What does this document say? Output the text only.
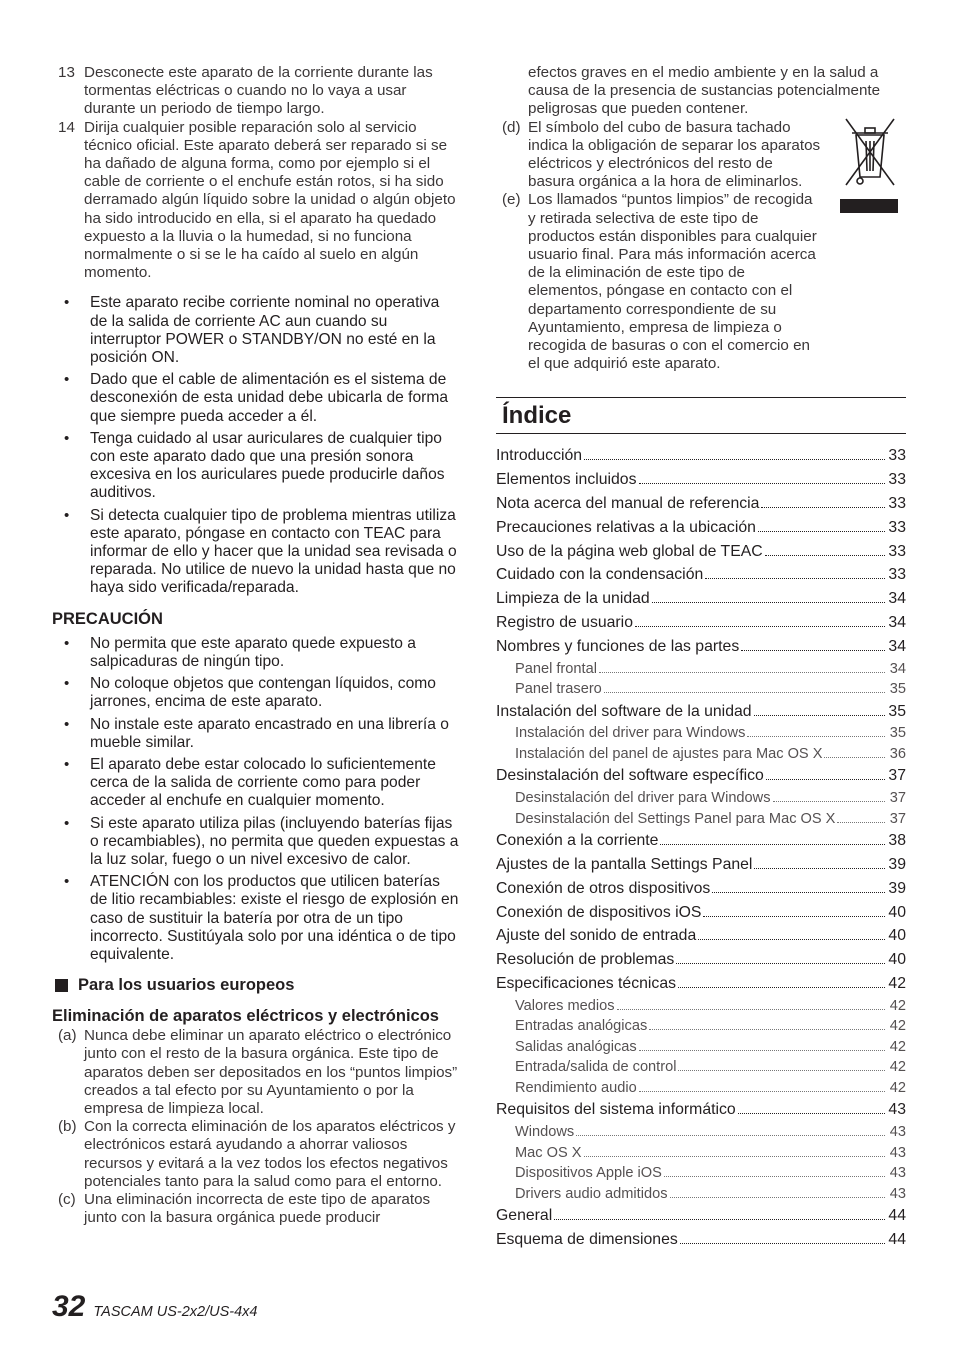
13 Desconecte este aparato de la corriente durante las tormentas eléctricas o cuando no lo vaya a usar durante un periodo de tiempo largo.
14 Dirija cualquier posible reparación solo al servicio técnico oficial. Este aparato deberá ser reparado si se ha dañado de alguna forma, como por ejemplo si el cable de corriente o el enchufe están rotos, si ha sido derramado algún líquido sobre la unidad o algún objeto ha sido introducido en ella, si el aparato ha quedado expuesto a la lluvia o la humedad, si no funciona normalmente o si se le ha caído al suelo en algún momento.
• Este aparato recibe corriente nominal no operativa de la salida de corriente AC aun cuando su interruptor POWER o STANDBY/ON no esté en la posición ON.
• Dado que el cable de alimentación es el sistema de desconexión de esta unidad debe ubicarla de forma que siempre pueda acceder a él.
• Tenga cuidado al usar auriculares de cualquier tipo con este aparato dado que una presión sonora excesiva en los auriculares puede producirle daños auditivos.
• Si detecta cualquier tipo de problema mientras utiliza este aparato, póngase en contacto con TEAC para informar de ello y hacer que la unidad sea revisada o reparada. No utilice de nuevo la unidad hasta que no haya sido verificada/reparada.
PRECAUCIÓN
• No permita que este aparato quede expuesto a salpicaduras de ningún tipo.
• No coloque objetos que contengan líquidos, como jarrones, encima de este aparato.
• No instale este aparato encastrado en una librería o mueble similar.
• El aparato debe estar colocado lo suficientemente cerca de la salida de corriente como para poder acceder al enchufe en cualquier momento.
• Si este aparato utiliza pilas (incluyendo baterías fijas o recambiables), no permita que queden expuestas a la luz solar, fuego o un nivel excesivo de calor.
• ATENCIÓN con los productos que utilicen baterías de litio recambiables: existe el riesgo de explosión en caso de sustituir la batería por otra de un tipo incorrecto. Sustitúyala solo por una idéntica o de tipo equivalente.
Para los usuarios europeos
Eliminación de aparatos eléctricos y electrónicos
(a) Nunca debe eliminar un aparato eléctrico o electrónico junto con el resto de la basura orgánica. Este tipo de aparatos deben ser depositados en los “puntos limpios” creados a tal efecto por su Ayuntamiento o por la empresa de limpieza local.
(b) Con la correcta eliminación de los aparatos eléctricos y electrónicos estará ayudando a ahorrar valiosos recursos y evitará a la vez todos los efectos negativos potenciales tanto para la salud como para el entorno.
(c) Una eliminación incorrecta de este tipo de aparatos junto con la basura orgánica puede producir
efectos graves en el medio ambiente y en la salud a causa de la presencia de sustancias potencialmente peligrosas que pueden contener.
(d) El símbolo del cubo de basura tachado indica la obligación de separar los aparatos eléctricos y electrónicos del resto de basura orgánica a la hora de eliminarlos.
(e) Los llamados “puntos limpios” de recogida y retirada selectiva de este tipo de productos están disponibles para cualquier usuario final. Para más información acerca de la eliminación de este tipo de elementos, póngase en contacto con el departamento correspondiente de su Ayuntamiento, empresa de limpieza o recogida de basuras o con el comercio en el que adquirió este aparato.
Índice
Introducción	33
Elementos incluidos	33
Nota acerca del manual de referencia	33
Precauciones relativas a la ubicación	33
Uso de la página web global de TEAC	33
Cuidado con la condensación	33
Limpieza de la unidad	34
Registro de usuario	34
Nombres y funciones de las partes	34
Panel frontal	34
Panel trasero	35
Instalación del software de la unidad	35
Instalación del driver para Windows	35
Instalación del panel de ajustes para Mac OS X	36
Desinstalación del software específico	37
Desinstalación del driver para Windows	37
Desinstalación del Settings Panel para Mac OS X	37
Conexión a la corriente	38
Ajustes de la pantalla Settings Panel	39
Conexión de otros dispositivos	39
Conexión de dispositivos iOS	40
Ajuste del sonido de entrada	40
Resolución de problemas	40
Especificaciones técnicas	42
Valores medios	42
Entradas analógicas	42
Salidas analógicas	42
Entrada/salida de control	42
Rendimiento audio	42
Requisitos del sistema informático	43
Windows	43
Mac OS X	43
Dispositivos Apple iOS	43
Drivers audio admitidos	43
General	44
Esquema de dimensiones	44
32 TASCAM US-2x2/US-4x4
